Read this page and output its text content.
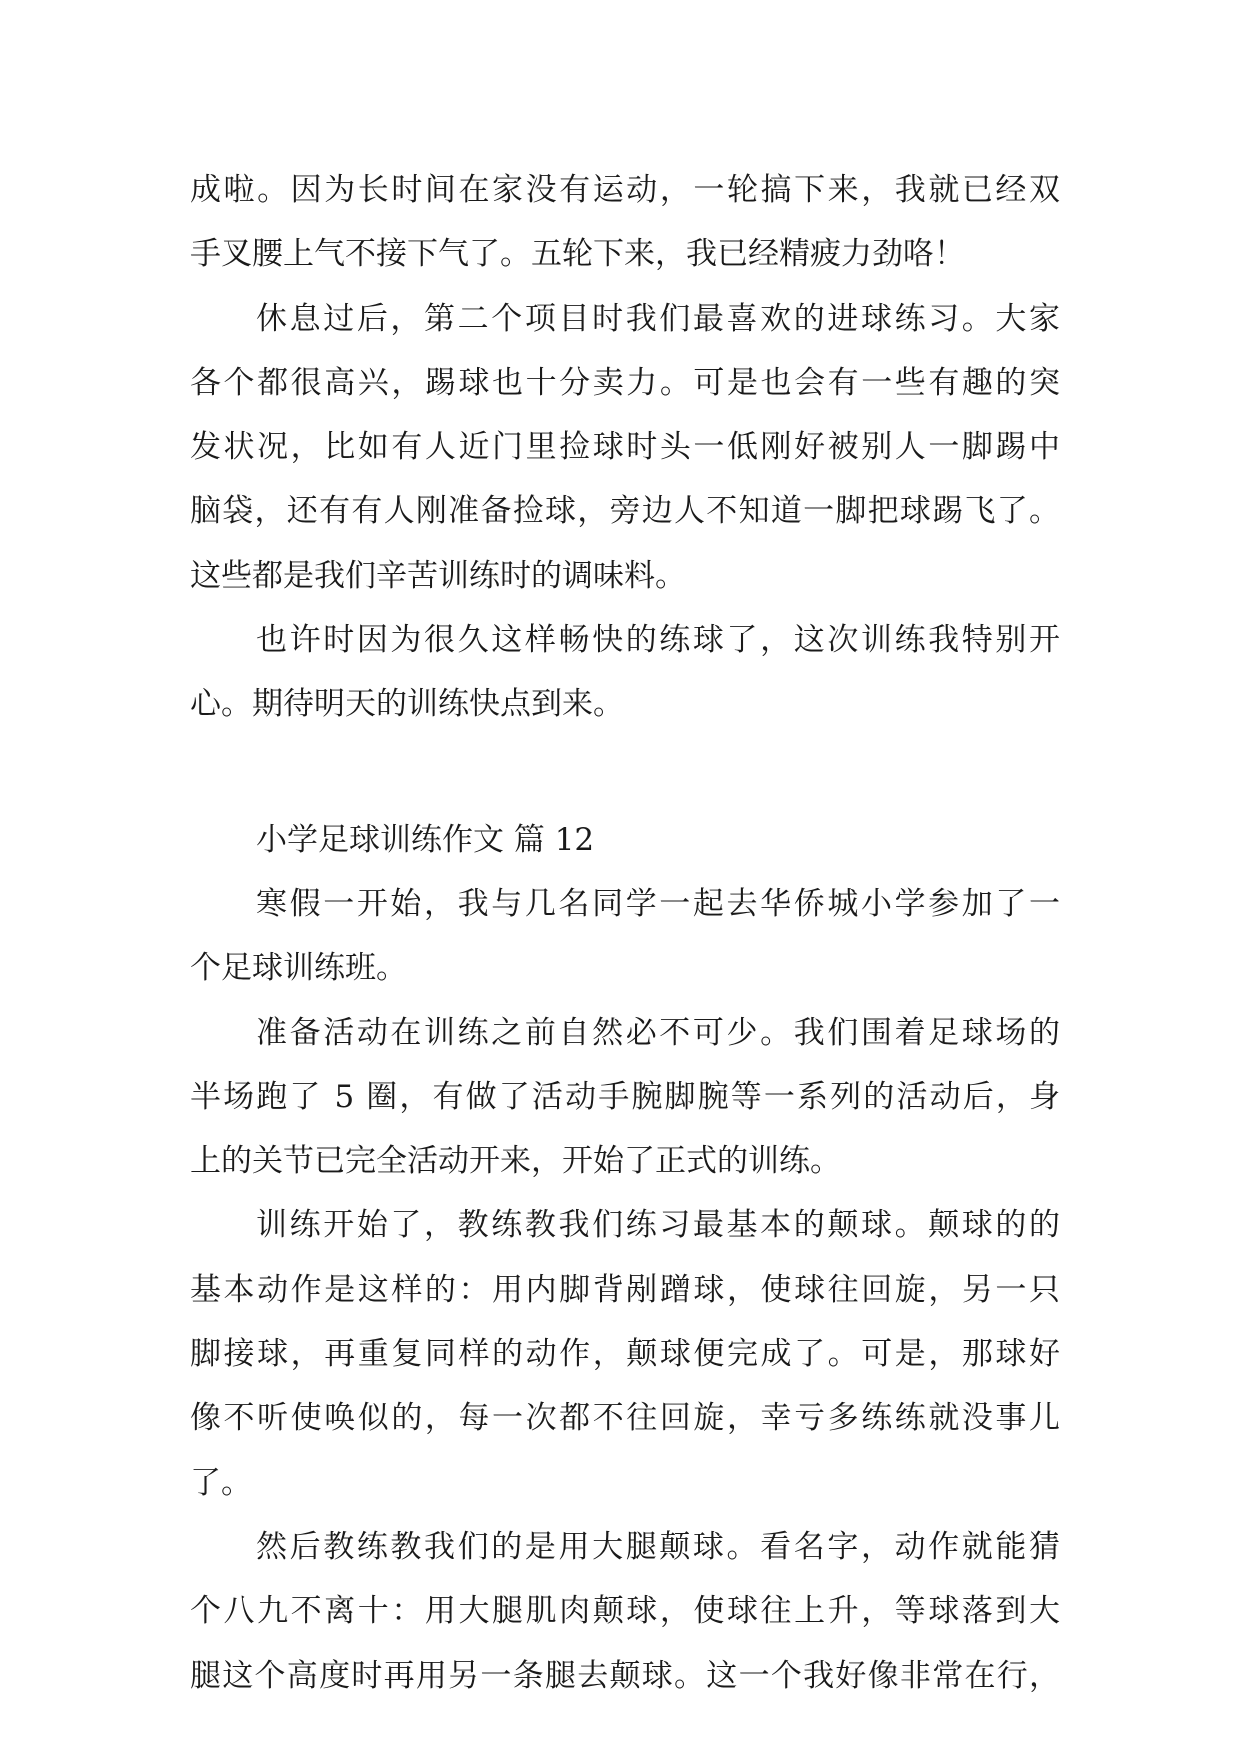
成啦。因为长时间在家没有运动，一轮搞下来，我就已经双
手叉腰上气不接下气了。五轮下来，我已经精疲力劲咯！
休息过后，第二个项目时我们最喜欢的进球练习。大家
各个都很高兴，踢球也十分卖力。可是也会有一些有趣的突
发状况，比如有人近门里捡球时头一低刚好被别人一脚踢中
脑袋，还有有人刚准备捡球，旁边人不知道一脚把球踢飞了。
这些都是我们辛苦训练时的调味料。
也许时因为很久这样畅快的练球了，这次训练我特别开
心。期待明天的训练快点到来。
小学足球训练作文 篇 12
寒假一开始，我与几名同学一起去华侨城小学参加了一
个足球训练班。
准备活动在训练之前自然必不可少。我们围着足球场的
半场跑了 5 圈，有做了活动手腕脚腕等一系列的活动后，身
上的关节已完全活动开来，开始了正式的训练。
训练开始了，教练教我们练习最基本的颠球。颠球的的
基本动作是这样的：用内脚背剐蹭球，使球往回旋，另一只
脚接球，再重复同样的动作，颠球便完成了。可是，那球好
像不听使唤似的，每一次都不往回旋，幸亏多练练就没事儿
了。
然后教练教我们的是用大腿颠球。看名字，动作就能猜
个八九不离十：用大腿肌肉颠球，使球往上升，等球落到大
腿这个高度时再用另一条腿去颠球。这一个我好像非常在行，
